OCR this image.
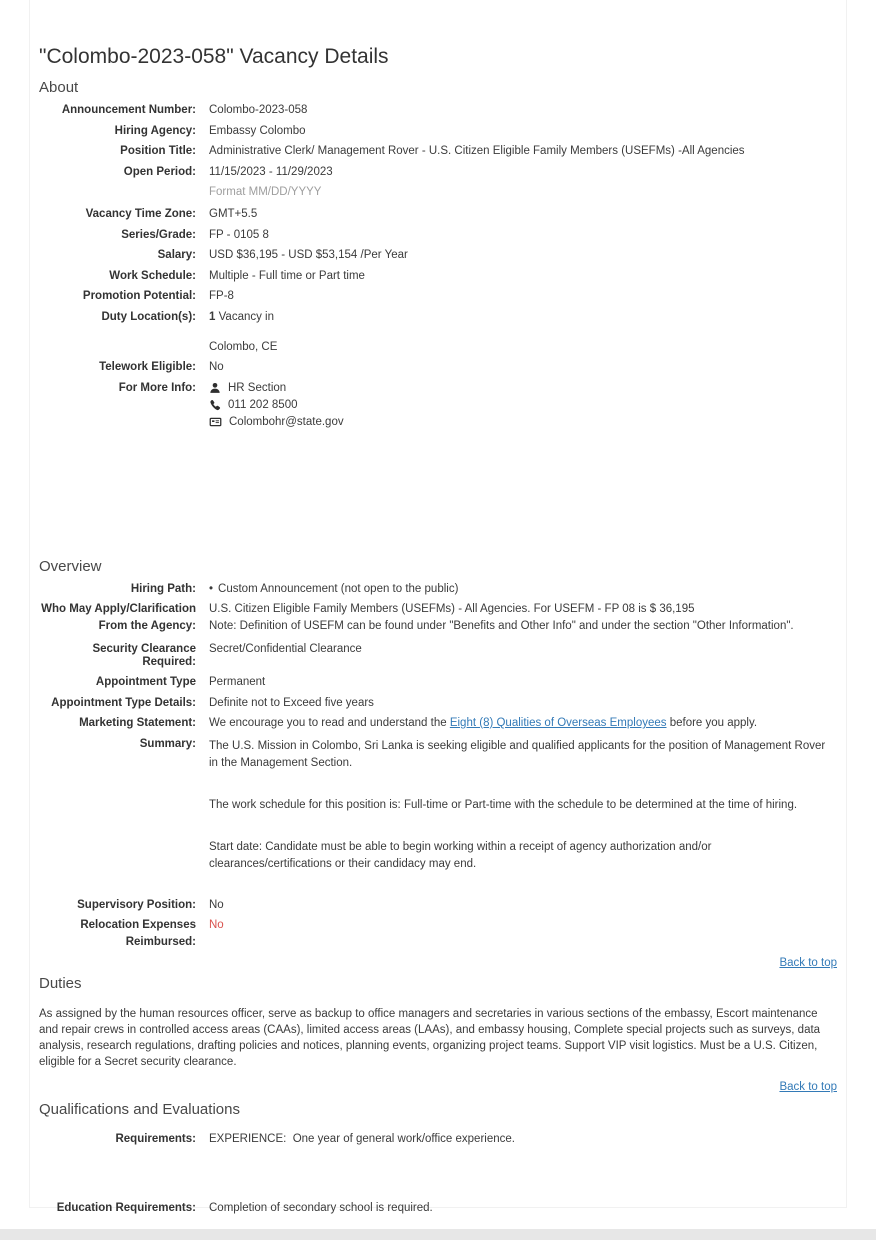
"Colombo-2023-058" Vacancy Details
About
Announcement Number:	Colombo-2023-058
Hiring Agency:	Embassy Colombo
Position Title:	Administrative Clerk/ Management Rover - U.S. Citizen Eligible Family Members (USEFMs) -All Agencies
Open Period: 11/15/2023 - 11/29/2023
Format MM/DD/YYYY
Vacancy Time Zone:	GMT+5.5
Series/Grade:	FP - 0105 8
Salary:	USD $36,195 - USD $53,154 /Per Year
Work Schedule:	Multiple - Full time or Part time
Promotion Potential:	FP-8
Duty Location(s): 1 Vacancy in
Colombo, CE
Telework Eligible:	No
For More Info:	HR Section
011 202 8500
Colombohr@state.gov
Overview
Hiring Path:	• Custom Announcement (not open to the public)
Who May Apply/Clarification
From the Agency:
U.S. Citizen Eligible Family Members (USEFMs) - All Agencies. For USEFM - FP 08 is $ 36,195
Note: Definition of USEFM can be found under "Benefits and Other Info" and under the section "Other Information".
Security Clearance Required:
Secret/Confidential Clearance
Appointment Type	Permanent
Appointment Type Details:	Definite not to Exceed five years
Marketing Statement:	We encourage you to read and understand the Eight (8) Qualities of Overseas Employees before you apply.
Summary: The U.S. Mission in Colombo, Sri Lanka is seeking eligible and qualified applicants for the position of Management Rover in the Management Section.

The work schedule for this position is: Full-time or Part-time with the schedule to be determined at the time of hiring.

Start date: Candidate must be able to begin working within a receipt of agency authorization and/or clearances/certifications or their candidacy may end.

Supervisory Position:	No
Relocation Expenses
Reimbursed:
No
Back to top
Duties

As assigned by the human resources officer, serve as backup to office managers and secretaries in various sections of the embassy, Escort maintenance and repair crews in controlled access areas (CAAs), limited access areas (LAAs), and embassy housing, Complete special projects such as surveys, data analysis, research regulations, drafting policies and notices, planning events, organizing project teams. Support VIP visit logistics. Must be a U.S. Citizen, eligible for a Secret security clearance.

Back to top
Qualifications and Evaluations
Requirements:	EXPERIENCE:  One year of general work/office experience.
Education Requirements:	Completion of secondary school is required.
